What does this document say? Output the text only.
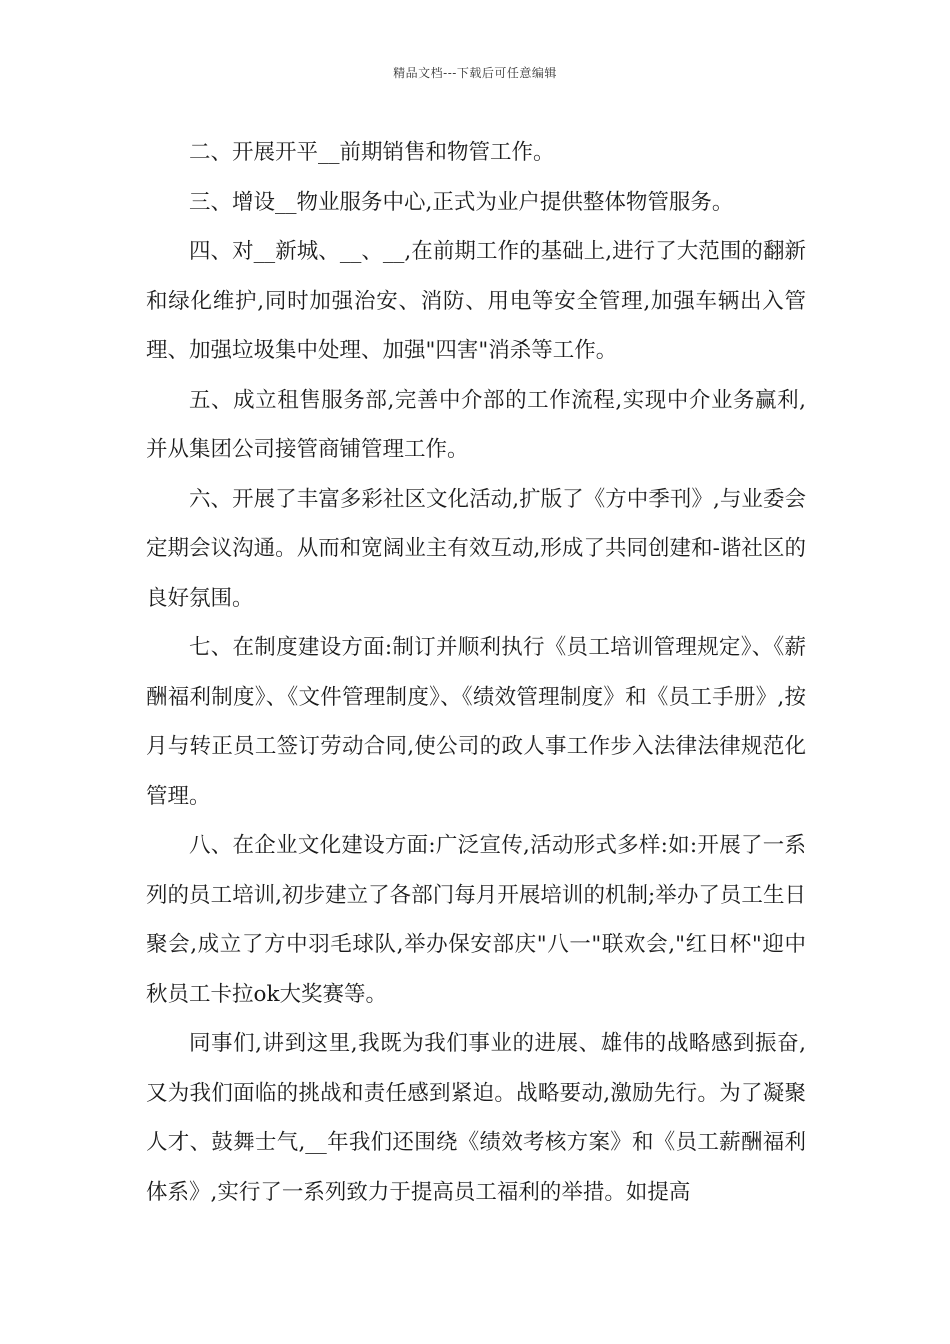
精品文档---下载后可任意编辑

二、开展开平__前期销售和物管工作。

三、增设__物业服务中心,正式为业户提供整体物管服务。

四、对__新城、__、__,在前期工作的基础上,进行了大范围的翻新和绿化维护,同时加强治安、消防、用电等安全管理,加强车辆出入管理、加强垃圾集中处理、加强"四害"消杀等工作。

五、成立租售服务部,完善中介部的工作流程,实现中介业务赢利,并从集团公司接管商铺管理工作。

六、开展了丰富多彩社区文化活动,扩版了《方中季刊》,与业委会定期会议沟通。从而和宽阔业主有效互动,形成了共同创建和-谐社区的良好氛围。

七、在制度建设方面:制订并顺利执行《员工培训管理规定》、《薪酬福利制度》、《文件管理制度》、《绩效管理制度》和《员工手册》,按月与转正员工签订劳动合同,使公司的政人事工作步入法律法律规范化管理。

八、在企业文化建设方面:广泛宣传,活动形式多样:如:开展了一系列的员工培训,初步建立了各部门每月开展培训的机制;举办了员工生日聚会,成立了方中羽毛球队,举办保安部庆"八一"联欢会,"红日杯"迎中秋员工卡拉ok大奖赛等。

同事们,讲到这里,我既为我们事业的进展、雄伟的战略感到振奋,又为我们面临的挑战和责任感到紧迫。战略要动,激励先行。为了凝聚人才、鼓舞士气,__年我们还围绕《绩效考核方案》和《员工薪酬福利体系》,实行了一系列致力于提高员工福利的举措。如提高
